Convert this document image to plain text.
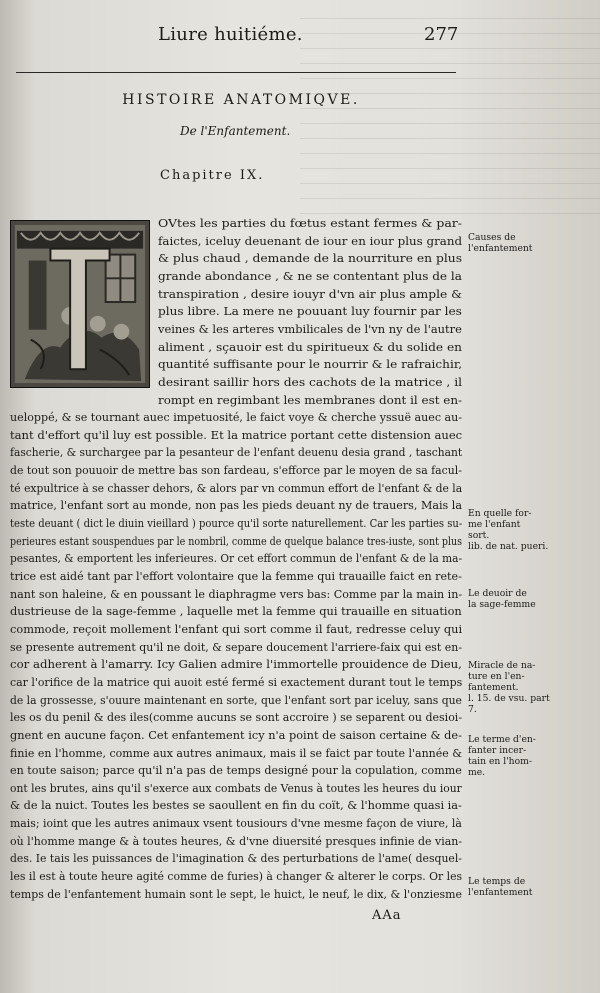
Liure huitiéme.	277
HISTOIRE ANATOMIQVE.
De l'Enfantement.
Chapitre IX.
OVtes les parties du fœtus estant fermes & par-
faictes, iceluy deuenant de iour en iour plus grand
& plus chaud , demande de la nourriture en plus
grande abondance , & ne se contentant plus de la
transpiration , desire iouyr d'vn air plus ample &
plus libre. La mere ne pouuant luy fournir par les
veines & les arteres vmbilicales de l'vn ny de l'autre
aliment , sçauoir est du spiritueux & du solide en
quantité suffisante pour le nourrir & le rafraichir,
desirant saillir hors des cachots de la matrice , il
rompt en regimbant les membranes dont il est en-
ueloppé, & se tournant auec impetuosité, le faict voye & cherche yssuë auec au-
tant d'effort qu'il luy est possible. Et la matrice portant cette distension auec
fascherie, & surchargee par la pesanteur de l'enfant deuenu desia grand , taschant
de tout son pouuoir de mettre bas son fardeau, s'efforce par le moyen de sa facul-
té expultrice à se chasser dehors, & alors par vn commun effort de l'enfant & de la
matrice, l'enfant sort au monde, non pas les pieds deuant ny de trauers, Mais la
teste deuant ( dict le diuin vieillard ) pource qu'il sorte naturellement. Car les parties su-
perieures estant souspendues par le nombril, comme de quelque balance tres-iuste, sont plus
pesantes, & emportent les inferieures. Or cet effort commun de l'enfant & de la ma-
trice est aidé tant par l'effort volontaire que la femme qui trauaille faict en rete-
nant son haleine, & en poussant le diaphragme vers bas: Comme par la main in-
dustrieuse de la sage-femme , laquelle met la femme qui trauaille en situation
commode, reçoit mollement l'enfant qui sort comme il faut, redresse celuy qui
se presente autrement qu'il ne doit, & separe doucement l'arriere-faix qui est en-
cor adherent à l'amarry. Icy Galien admire l'immortelle prouidence de Dieu,
car l'orifice de la matrice qui auoit esté fermé si exactement durant tout le temps
de la grossesse, s'ouure maintenant en sorte, que l'enfant sort par iceluy, sans que
les os du penil & des iles(comme aucuns se sont accroire ) se separent ou desioi-
gnent en aucune façon. Cet enfantement icy n'a point de saison certaine & de-
finie en l'homme, comme aux autres animaux, mais il se faict par toute l'année &
en toute saison; parce qu'il n'a pas de temps designé pour la copulation, comme
ont les brutes, ains qu'il s'exerce aux combats de Venus à toutes les heures du iour
& de la nuict. Toutes les bestes se saoullent en fin du coït, & l'homme quasi ia-
mais; ioint que les autres animaux vsent tousiours d'vne mesme façon de viure, là
où l'homme mange & à toutes heures, & d'vne diuersité presques infinie de vian-
des. Ie tais les puissances de l'imagination & des perturbations de l'ame( desquel-
les il est à toute heure agité comme de furies) à changer & alterer le corps. Or les
temps de l'enfantement humain sont le sept, le huict, le neuf, le dix, & l'onziesme
Causes de
l'enfantement
En quelle for-
me l'enfant
sort.
lib. de nat. pueri.
Le deuoir de
la sage-femme
Miracle de na-
ture en l'en-
fantement.
l. 15. de vsu. part
7.
Le terme d'en-
fanter incer-
tain en l'hom-
me.
Le temps de
l'enfantement
AAa
